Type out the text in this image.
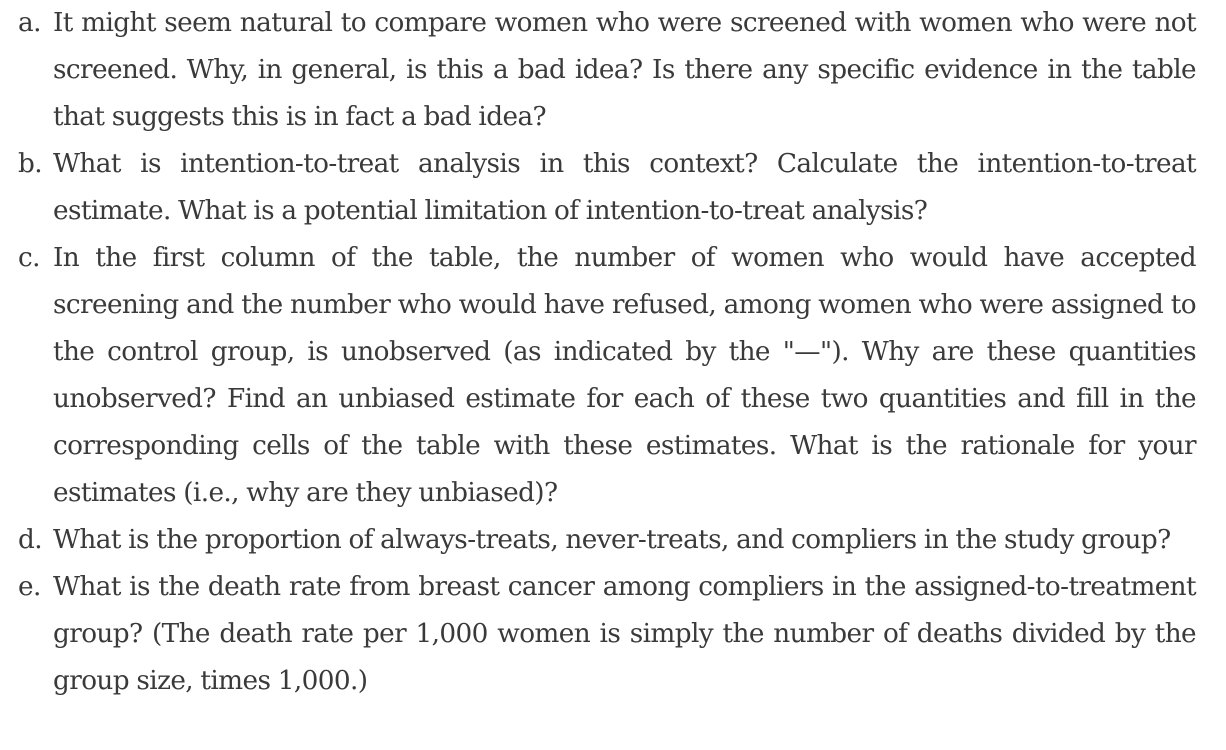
a. It might seem natural to compare women who were screened with women who were not screened. Why, in general, is this a bad idea? Is there any specific evidence in the table that suggests this is in fact a bad idea?
b. What is intention-to-treat analysis in this context? Calculate the intention-to-treat estimate. What is a potential limitation of intention-to-treat analysis?
c. In the first column of the table, the number of women who would have accepted screening and the number who would have refused, among women who were assigned to the control group, is unobserved (as indicated by the "—"). Why are these quantities unobserved? Find an unbiased estimate for each of these two quantities and fill in the corresponding cells of the table with these estimates. What is the rationale for your estimates (i.e., why are they unbiased)?
d. What is the proportion of always-treats, never-treats, and compliers in the study group?
e. What is the death rate from breast cancer among compliers in the assigned-to-treatment group? (The death rate per 1,000 women is simply the number of deaths divided by the group size, times 1,000.)
